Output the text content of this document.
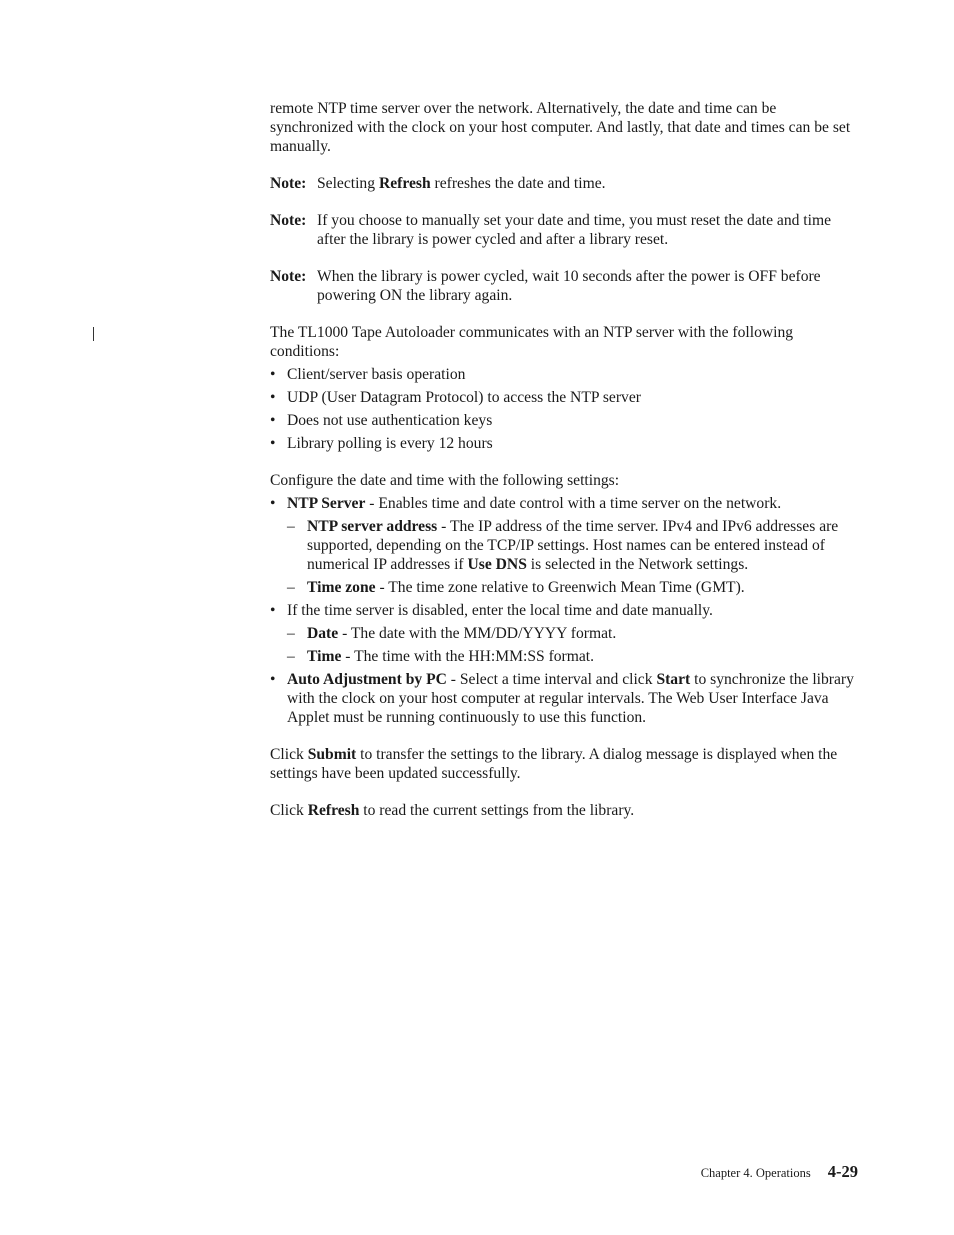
remote NTP time server over the network. Alternatively, the date and time can be synchronized with the clock on your host computer. And lastly, that date and times can be set manually.

Note: Selecting Refresh refreshes the date and time.
Note: If you choose to manually set your date and time, you must reset the date and time after the library is power cycled and after a library reset.
Note: When the library is power cycled, wait 10 seconds after the power is OFF before powering ON the library again.

The TL1000 Tape Autoloader communicates with an NTP server with the following conditions:

• Client/server basis operation
• UDP (User Datagram Protocol) to access the NTP server
• Does not use authentication keys
• Library polling is every 12 hours

Configure the date and time with the following settings:

• NTP Server - Enables time and date control with a time server on the network.
– NTP server address - The IP address of the time server. IPv4 and IPv6 addresses are supported, depending on the TCP/IP settings. Host names can be entered instead of numerical IP addresses if Use DNS is selected in the Network settings.
– Time zone - The time zone relative to Greenwich Mean Time (GMT).
• If the time server is disabled, enter the local time and date manually.
– Date - The date with the MM/DD/YYYY format.
– Time - The time with the HH:MM:SS format.
• Auto Adjustment by PC - Select a time interval and click Start to synchronize the library with the clock on your host computer at regular intervals. The Web User Interface Java Applet must be running continuously to use this function.

Click Submit to transfer the settings to the library. A dialog message is displayed when the settings have been updated successfully.

Click Refresh to read the current settings from the library.

Chapter 4. Operations 4-29
